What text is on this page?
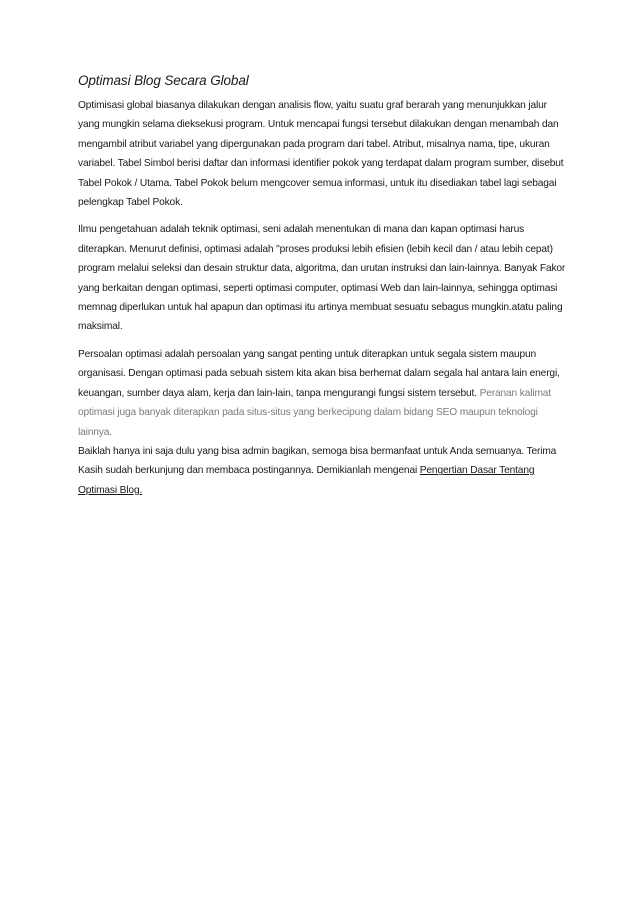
Optimasi Blog Secara Global

Optimisasi global biasanya dilakukan dengan analisis flow, yaitu suatu graf berarah yang menunjukkan jalur yang mungkin selama dieksekusi program. Untuk mencapai fungsi tersebut dilakukan dengan menambah dan mengambil atribut variabel yang dipergunakan pada program dari tabel. Atribut, misalnya nama, tipe, ukuran variabel. Tabel Simbol berisi daftar dan informasi identifier pokok yang terdapat dalam program sumber, disebut Tabel Pokok / Utama. Tabel Pokok belum mengcover semua informasi, untuk itu disediakan tabel lagi sebagai pelengkap Tabel Pokok.

Ilmu pengetahuan adalah teknik optimasi, seni adalah menentukan di mana dan kapan optimasi harus diterapkan. Menurut definisi, optimasi adalah "proses produksi lebih efisien (lebih kecil dan / atau lebih cepat) program melalui seleksi dan desain struktur data, algoritma, dan urutan instruksi dan lain-lainnya. Banyak Fakor yang berkaitan dengan optimasi, seperti optimasi computer, optimasi Web dan lain-lainnya, sehingga optimasi memnag diperlukan untuk hal apapun dan optimasi itu artinya membuat sesuatu sebagus mungkin.atatu paling maksimal.

Persoalan optimasi adalah persoalan yang sangat penting untuk diterapkan untuk segala sistem maupun organisasi. Dengan optimasi pada sebuah sistem kita akan bisa berhemat dalam segala hal antara lain energi, keuangan, sumber daya alam, kerja dan lain-lain, tanpa mengurangi fungsi sistem tersebut. Peranan kalimat optimasi juga banyak diterapkan pada situs-situs yang berkecipung dalam bidang SEO maupun teknologi lainnya.

Baiklah hanya ini saja dulu yang bisa admin bagikan, semoga bisa bermanfaat untuk Anda semuanya. Terima Kasih sudah berkunjung dan membaca postingannya. Demikianlah mengenai Pengertian Dasar Tentang Optimasi Blog.
